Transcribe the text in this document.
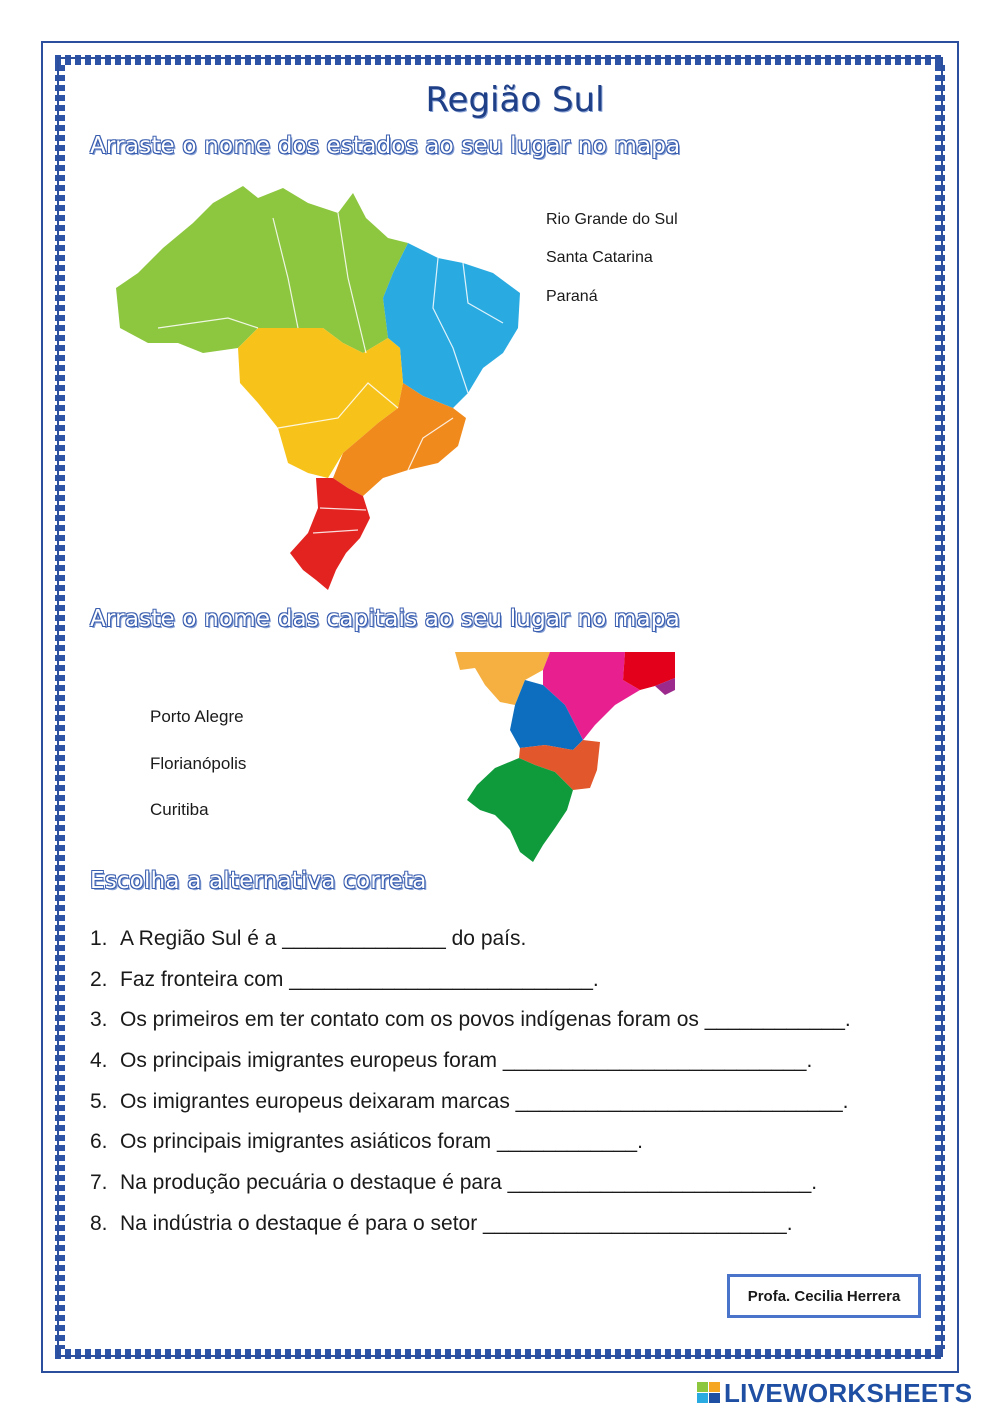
Região Sul
Arraste o nome dos estados ao seu lugar no mapa
Rio Grande do Sul
Santa Catarina
Paraná
Arraste o nome das capitais ao seu lugar no mapa
Porto Alegre
Florianópolis
Curitiba
Escolha a alternativa correta
1. A Região Sul é a ______________ do país.
2. Faz fronteira com __________________________.
3. Os primeiros em ter contato com os povos indígenas foram os ____________.
4. Os principais imigrantes europeus foram __________________________.
5. Os imigrantes europeus deixaram marcas ____________________________.
6. Os principais imigrantes asiáticos foram ____________.
7. Na produção pecuária o destaque é para __________________________.
8. Na indústria o destaque é para o setor __________________________.
Profa. Cecilia Herrera
LIVEWORKSHEETS
